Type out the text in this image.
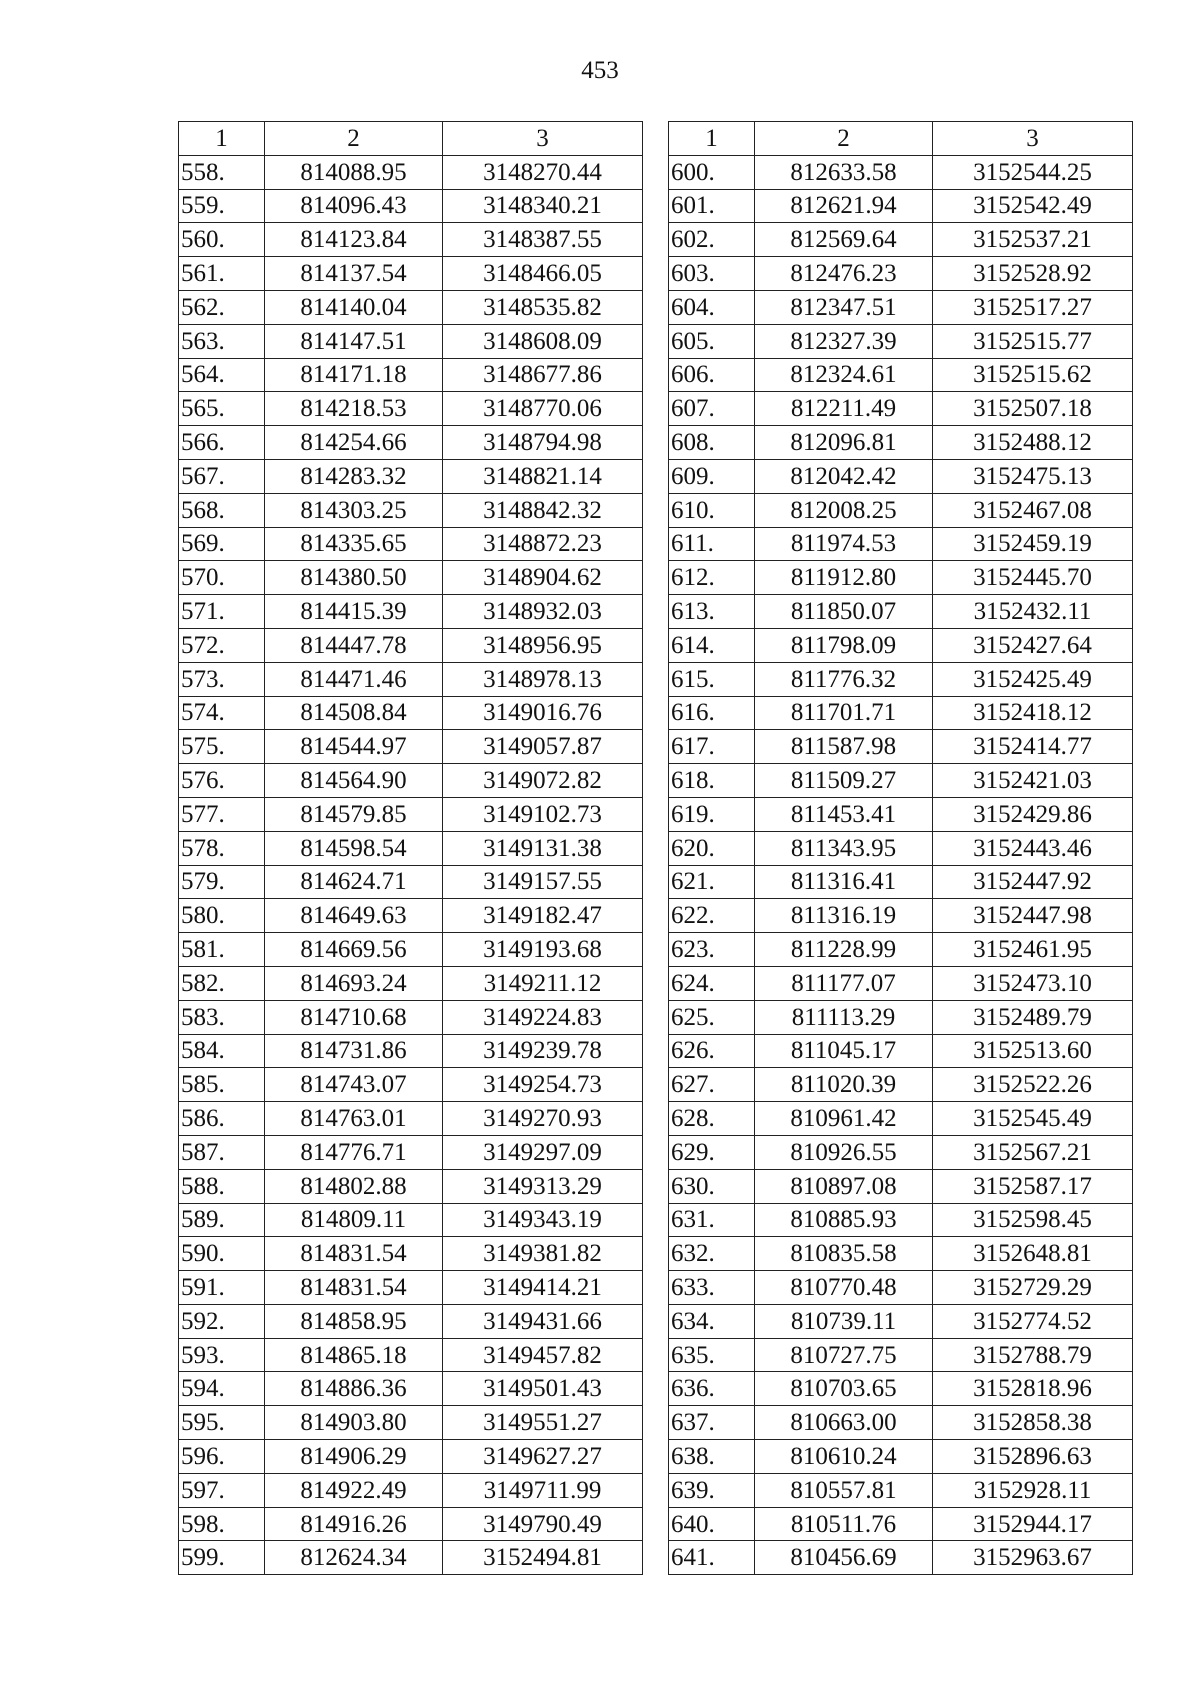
453
1	2	3
558.	814088.95	3148270.44
559.	814096.43	3148340.21
560.	814123.84	3148387.55
561.	814137.54	3148466.05
562.	814140.04	3148535.82
563.	814147.51	3148608.09
564.	814171.18	3148677.86
565.	814218.53	3148770.06
566.	814254.66	3148794.98
567.	814283.32	3148821.14
568.	814303.25	3148842.32
569.	814335.65	3148872.23
570.	814380.50	3148904.62
571.	814415.39	3148932.03
572.	814447.78	3148956.95
573.	814471.46	3148978.13
574.	814508.84	3149016.76
575.	814544.97	3149057.87
576.	814564.90	3149072.82
577.	814579.85	3149102.73
578.	814598.54	3149131.38
579.	814624.71	3149157.55
580.	814649.63	3149182.47
581.	814669.56	3149193.68
582.	814693.24	3149211.12
583.	814710.68	3149224.83
584.	814731.86	3149239.78
585.	814743.07	3149254.73
586.	814763.01	3149270.93
587.	814776.71	3149297.09
588.	814802.88	3149313.29
589.	814809.11	3149343.19
590.	814831.54	3149381.82
591.	814831.54	3149414.21
592.	814858.95	3149431.66
593.	814865.18	3149457.82
594.	814886.36	3149501.43
595.	814903.80	3149551.27
596.	814906.29	3149627.27
597.	814922.49	3149711.99
598.	814916.26	3149790.49
599.	812624.34	3152494.81
1	2	3
600.	812633.58	3152544.25
601.	812621.94	3152542.49
602.	812569.64	3152537.21
603.	812476.23	3152528.92
604.	812347.51	3152517.27
605.	812327.39	3152515.77
606.	812324.61	3152515.62
607.	812211.49	3152507.18
608.	812096.81	3152488.12
609.	812042.42	3152475.13
610.	812008.25	3152467.08
611.	811974.53	3152459.19
612.	811912.80	3152445.70
613.	811850.07	3152432.11
614.	811798.09	3152427.64
615.	811776.32	3152425.49
616.	811701.71	3152418.12
617.	811587.98	3152414.77
618.	811509.27	3152421.03
619.	811453.41	3152429.86
620.	811343.95	3152443.46
621.	811316.41	3152447.92
622.	811316.19	3152447.98
623.	811228.99	3152461.95
624.	811177.07	3152473.10
625.	811113.29	3152489.79
626.	811045.17	3152513.60
627.	811020.39	3152522.26
628.	810961.42	3152545.49
629.	810926.55	3152567.21
630.	810897.08	3152587.17
631.	810885.93	3152598.45
632.	810835.58	3152648.81
633.	810770.48	3152729.29
634.	810739.11	3152774.52
635.	810727.75	3152788.79
636.	810703.65	3152818.96
637.	810663.00	3152858.38
638.	810610.24	3152896.63
639.	810557.81	3152928.11
640.	810511.76	3152944.17
641.	810456.69	3152963.67
